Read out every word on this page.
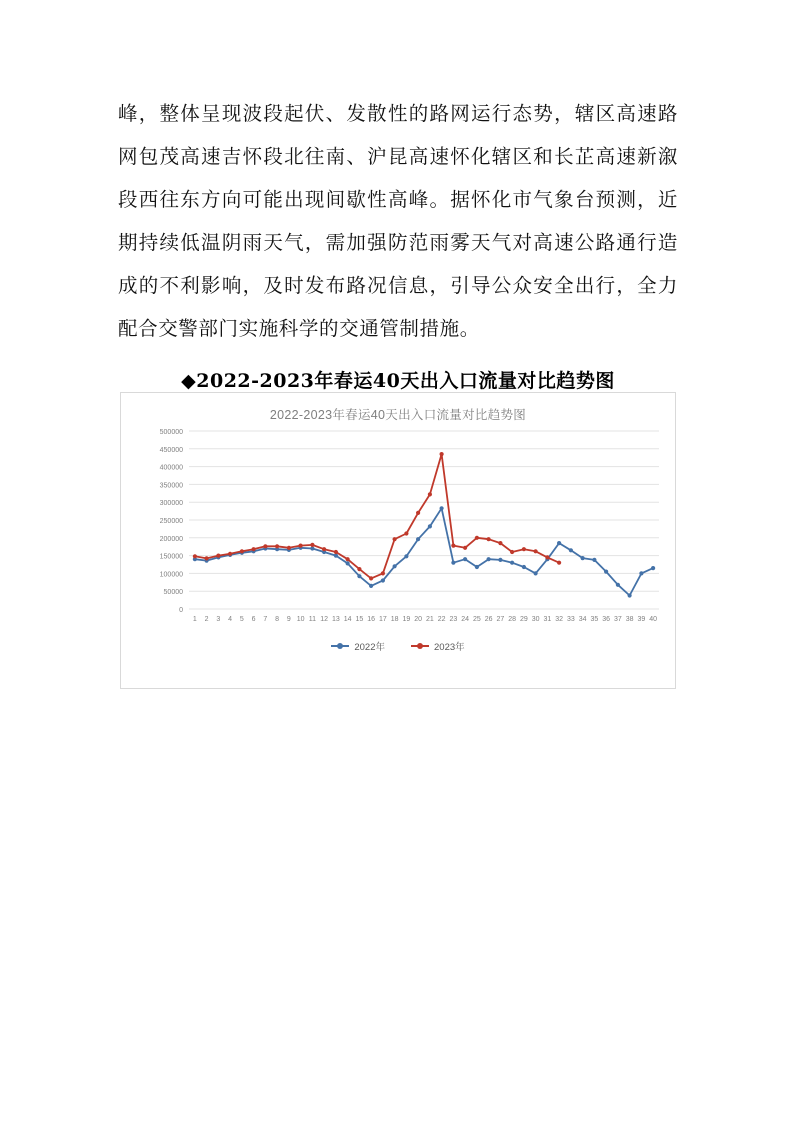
峰，整体呈现波段起伏、发散性的路网运行态势，辖区高速路网包茂高速吉怀段北往南、沪昆高速怀化辖区和长芷高速新溆段西往东方向可能出现间歇性高峰。据怀化市气象台预测，近期持续低温阴雨天气，需加强防范雨雾天气对高速公路通行造成的不利影响，及时发布路况信息，引导公众安全出行，全力配合交警部门实施科学的交通管制措施。

◆2022-2023年春运40天出入口流量对比趋势图

2022-2023年春运40天出入口流量对比趋势图
0
50000
100000
150000
200000
250000
300000
350000
400000
450000
500000
1 2 3 4 5 6 7 8 9 10 11 12 13 14 15 16 17 18 19 20 21 22 23 24 25 26 27 28 29 30 31 32 33 34 35 36 37 38 39 40
2022年	2023年
